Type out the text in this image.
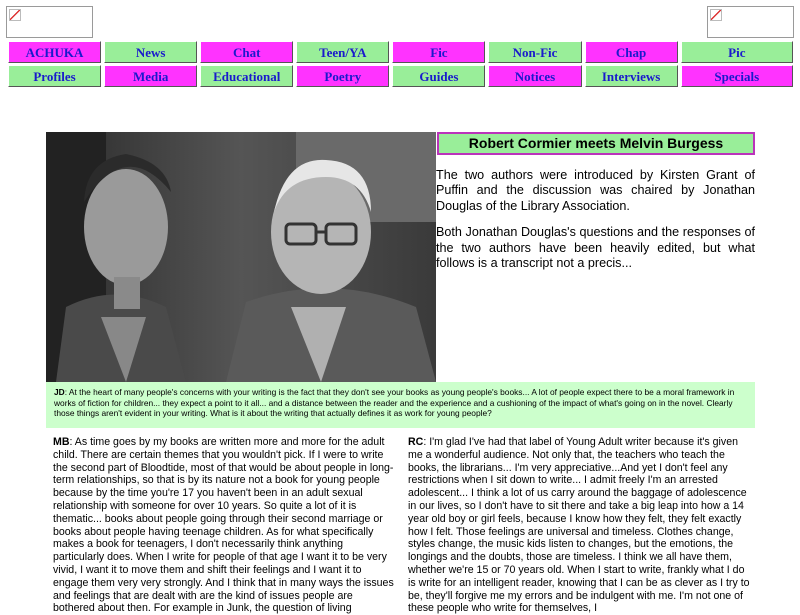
ACHUKA	News	Chat	Teen/YA	Fic	Non-Fic	Chap	Pic
Profiles	Media	Educational	Poetry	Guides	Notices	Interviews	Specials
Robert Cormier meets Melvin Burgess

The two authors were introduced by Kirsten Grant of Puffin and the discussion was chaired by Jonathan Douglas of the Library Association.

Both Jonathan Douglas's questions and the responses of the two authors have been heavily edited, but what follows is a transcript not a precis...

JD: At the heart of many people's concerns with your writing is the fact that they don't see your books as young people's books... A lot of people expect there to be a moral framework in works of fiction for children... they expect a point to it all... and a distance between the reader and the experience and a cushioning of the impact of what's going on in the novel. Clearly those things aren't evident in your writing. What is it about the writing that actually defines it as work for young people?
MB: As time goes by my books are written more and more for the adult child. There are certain themes that you wouldn't pick. If I were to write the second part of Bloodtide, most of that would be about people in long-term relationships, so that is by its nature not a book for young people because by the time you're 17 you haven't been in an adult sexual relationship with someone for over 10 years. So quite a lot of it is thematic... books about people going through their second marriage or books about people having teenage children. As for what specifically makes a book for teenagers, I don't necessarily think anything particularly does. When I write for people of that age I want it to be very vivid, I want it to move them and shift their feelings and I want it to engage them very very strongly. And I think that in many ways the issues and feelings that are dealt with are the kind of issues people are bothered about then. For example in Junk, the question of living
RC: I'm glad I've had that label of Young Adult writer because it's given me a wonderful audience. Not only that, the teachers who teach the books, the librarians... I'm very appreciative...And yet I don't feel any restrictions when I sit down to write... I admit freely I'm an arrested adolescent... I think a lot of us carry around the baggage of adolescence in our lives, so I don't have to sit there and take a big leap into how a 14 year old boy or girl feels, because I know how they felt, they felt exactly how I felt. Those feelings are universal and timeless. Clothes change, styles change, the music kids listen to changes, but the emotions, the longings and the doubts, those are timeless. I think we all have them, whether we're 15 or 70 years old. When I start to write, frankly what I do is write for an intelligent reader, knowing that I can be as clever as I try to be, they'll forgive me my errors and be indulgent with me. I'm not one of these people who write for themselves, I
